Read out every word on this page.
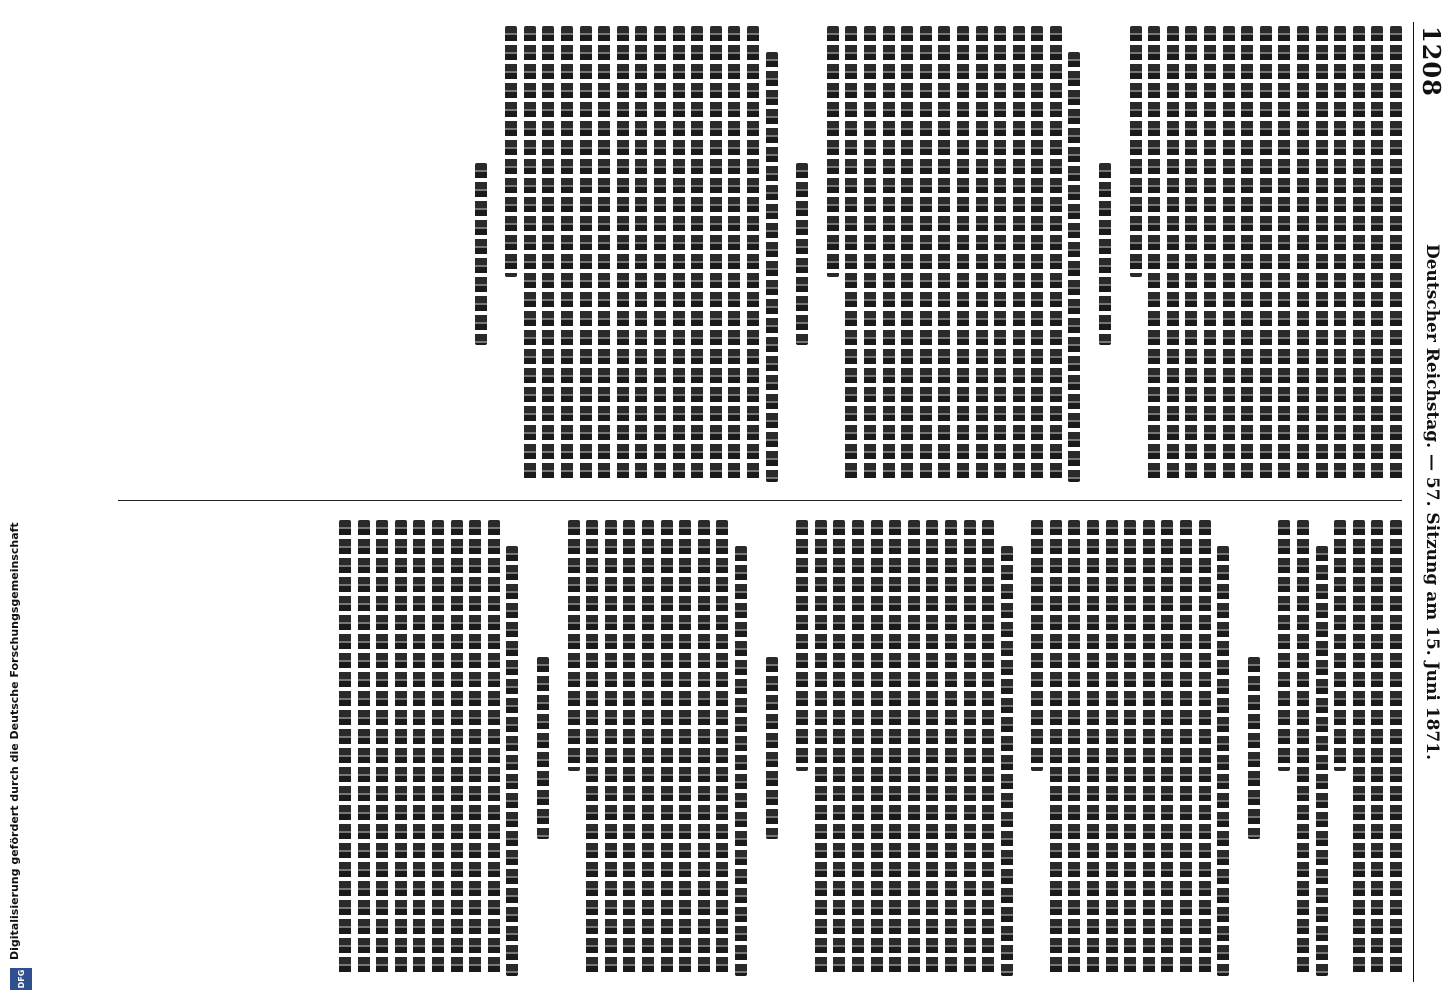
1208
Deutscher Reichstag. — 57. Sitzung am 15. Juni 1871.
Digitalisierung gefördert durch die Deutsche Forschungsgemeinschaft
DFG
